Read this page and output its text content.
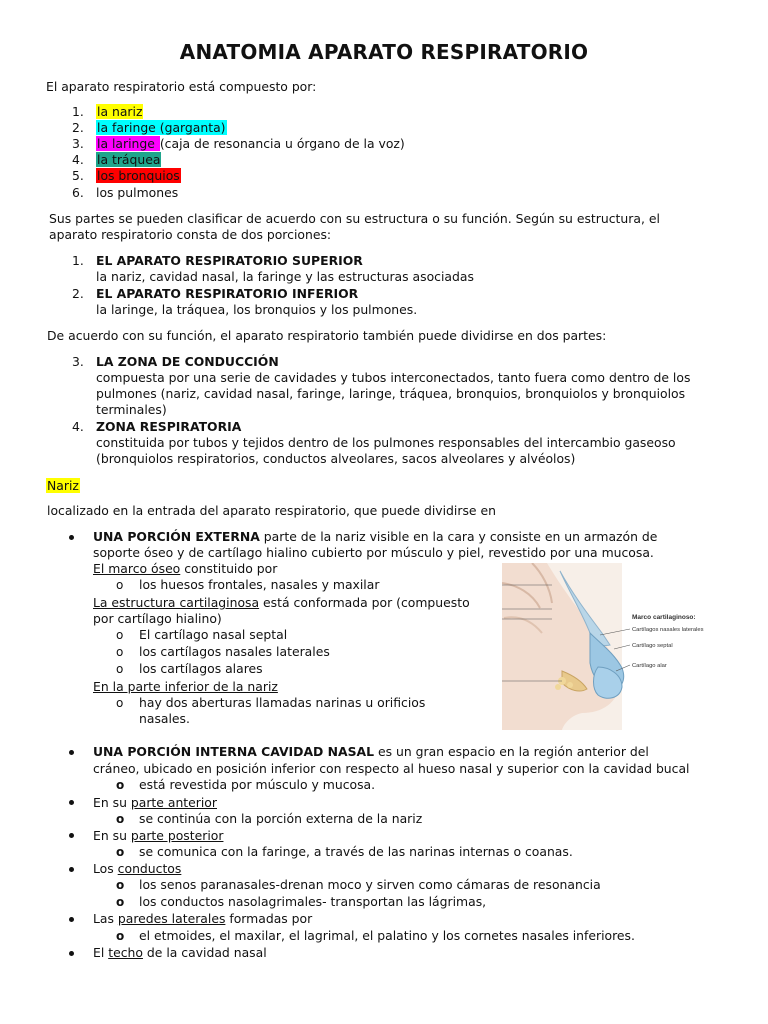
ANATOMIA APARATO RESPIRATORIO
El aparato respiratorio está compuesto por:
1. la nariz
2. la faringe (garganta)
3. la laringe (caja de resonancia u órgano de la voz)
4. la tráquea
5. los bronquios
6. los pulmones
Sus partes se pueden clasificar de acuerdo con su estructura o su función. Según su estructura, el
aparato respiratorio consta de dos porciones:
1. EL APARATO RESPIRATORIO SUPERIOR
la nariz, cavidad nasal, la faringe y las estructuras asociadas
2. EL APARATO RESPIRATORIO INFERIOR
la laringe, la tráquea, los bronquios y los pulmones.
De acuerdo con su función, el aparato respiratorio también puede dividirse en dos partes:
3. LA ZONA DE CONDUCCIÓN
compuesta por una serie de cavidades y tubos interconectados, tanto fuera como dentro de los
pulmones (nariz, cavidad nasal, faringe, laringe, tráquea, bronquios, bronquiolos y bronquiolos
terminales)
4. ZONA RESPIRATORIA
constituida por tubos y tejidos dentro de los pulmones responsables del intercambio gaseoso
(bronquiolos respiratorios, conductos alveolares, sacos alveolares y alvéolos)
Nariz
localizado en la entrada del aparato respiratorio, que puede dividirse en
UNA PORCIÓN EXTERNA parte de la nariz visible en la cara y consiste en un armazón de
soporte óseo y de cartílago hialino cubierto por músculo y piel, revestido por una mucosa.
El marco óseo constituido por
o los huesos frontales, nasales y maxilar
La estructura cartilaginosa está conformada por (compuesto
por cartílago hialino)
o El cartílago nasal septal
o los cartílagos nasales laterales
o los cartílagos alares
En la parte inferior de la nariz
o hay dos aberturas llamadas narinas u orificios
nasales.
Marco cartilaginoso:
Cartílagos nasales laterales
Cartílago septal
Cartílago alar
UNA PORCIÓN INTERNA CAVIDAD NASAL es un gran espacio en la región anterior del
cráneo, ubicado en posición inferior con respecto al hueso nasal y superior con la cavidad bucal
o está revestida por músculo y mucosa.
En su parte anterior
o se continúa con la porción externa de la nariz
En su parte posterior
o se comunica con la faringe, a través de las narinas internas o coanas.
Los conductos
o los senos paranasales-drenan moco y sirven como cámaras de resonancia
o los conductos nasolagrimales- transportan las lágrimas,
Las paredes laterales formadas por
o el etmoides, el maxilar, el lagrimal, el palatino y los cornetes nasales inferiores.
El techo de la cavidad nasal
